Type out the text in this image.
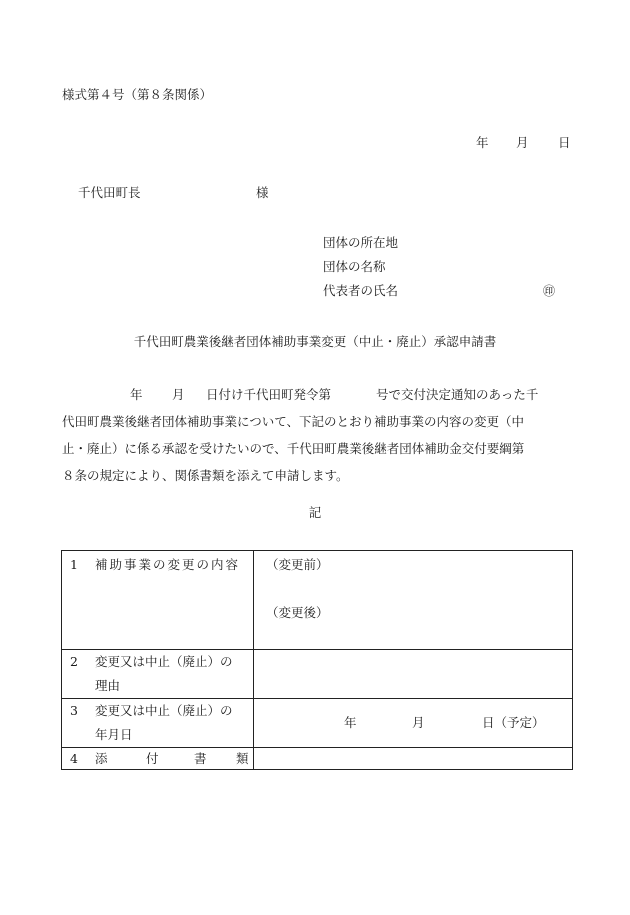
様式第４号（第８条関係）
年 月 日
千代田町長	様
団体の所在地
団体の名称
代表者の氏名	㊞
千代田町農業後継者団体補助事業変更（中止・廃止）承認申請書
年 月 日付け千代田町発令第	号で交付決定通知のあった千
代田町農業後継者団体補助事業について、下記のとおり補助事業の内容の変更（中
止・廃止）に係る承認を受けたいので、千代田町農業後継者団体補助金交付要綱第
８条の規定により、関係書類を添えて申請します。
記
1 補助事業の変更の内容	（変更前）
（変更後）

2 変更又は中止（廃止）の
理由	

3 変更又は中止（廃止）の
年月日	年 月 日（予定）

4 添 付 書 類	
